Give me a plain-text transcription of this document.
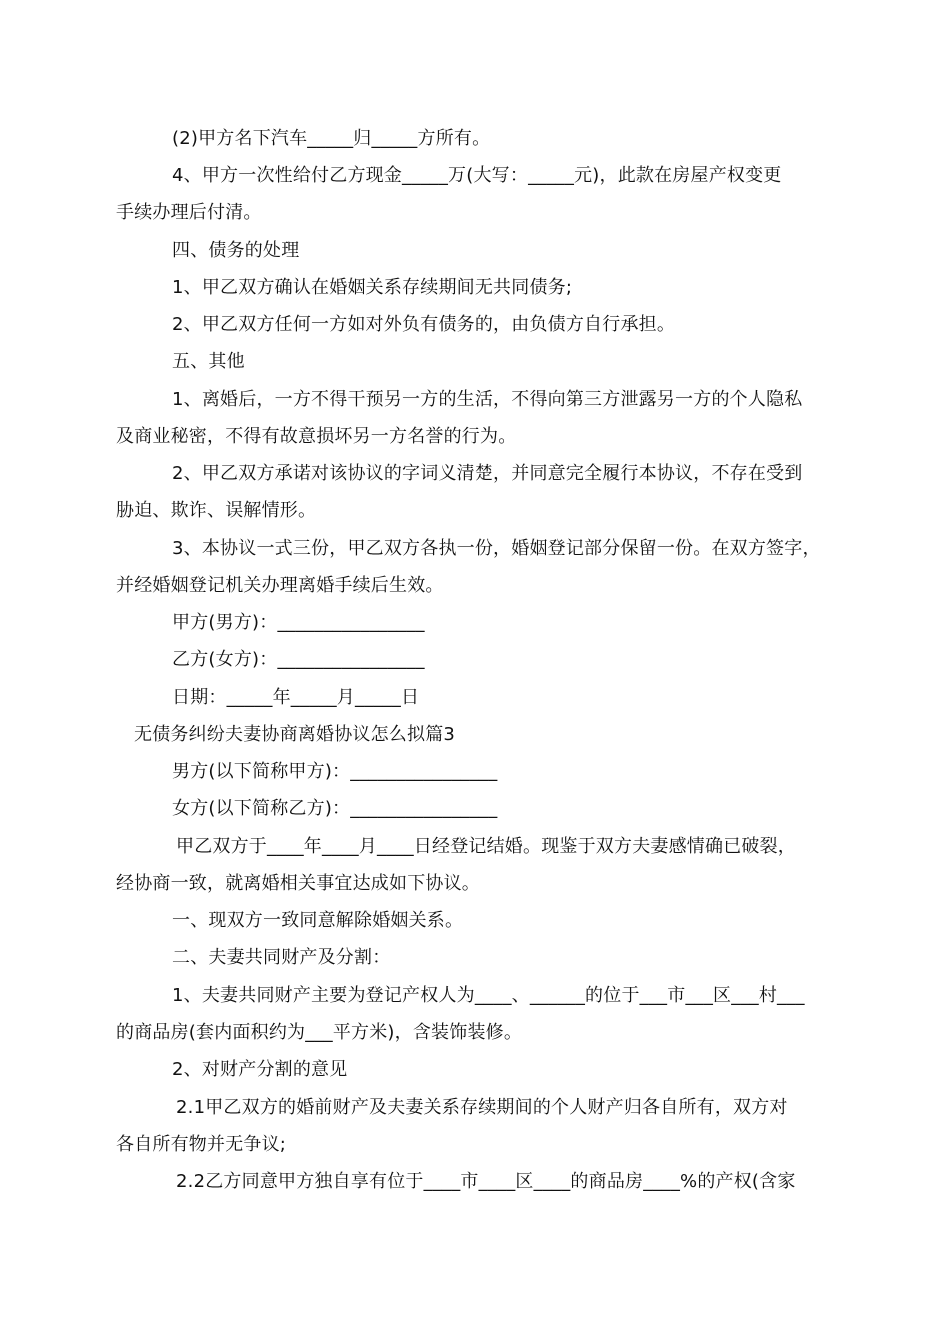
(2)甲方名下汽车_____归_____方所有。
4、甲方一次性给付乙方现金_____万(大写：_____元)，此款在房屋产权变更
手续办理后付清。
四、债务的处理
1、甲乙双方确认在婚姻关系存续期间无共同债务;
2、甲乙双方任何一方如对外负有债务的，由负债方自行承担。
五、其他
1、离婚后，一方不得干预另一方的生活，不得向第三方泄露另一方的个人隐私
及商业秘密，不得有故意损坏另一方名誉的行为。
2、甲乙双方承诺对该协议的字词义清楚，并同意完全履行本协议，不存在受到
胁迫、欺诈、误解情形。
3、本协议一式三份，甲乙双方各执一份，婚姻登记部分保留一份。在双方签字，
并经婚姻登记机关办理离婚手续后生效。
甲方(男方)：________________
乙方(女方)：________________
日期：_____年_____月_____日
无债务纠纷夫妻协商离婚协议怎么拟篇3
男方(以下简称甲方)：________________
女方(以下简称乙方)：________________
甲乙双方于____年____月____日经登记结婚。现鉴于双方夫妻感情确已破裂，
经协商一致，就离婚相关事宜达成如下协议。
一、现双方一致同意解除婚姻关系。
二、夫妻共同财产及分割：
1、夫妻共同财产主要为登记产权人为____、______的位于___市___区___村___
的商品房(套内面积约为___平方米)，含装饰装修。
2、对财产分割的意见
2.1甲乙双方的婚前财产及夫妻关系存续期间的个人财产归各自所有，双方对
各自所有物并无争议;
2.2乙方同意甲方独自享有位于____市____区____的商品房____%的产权(含家
